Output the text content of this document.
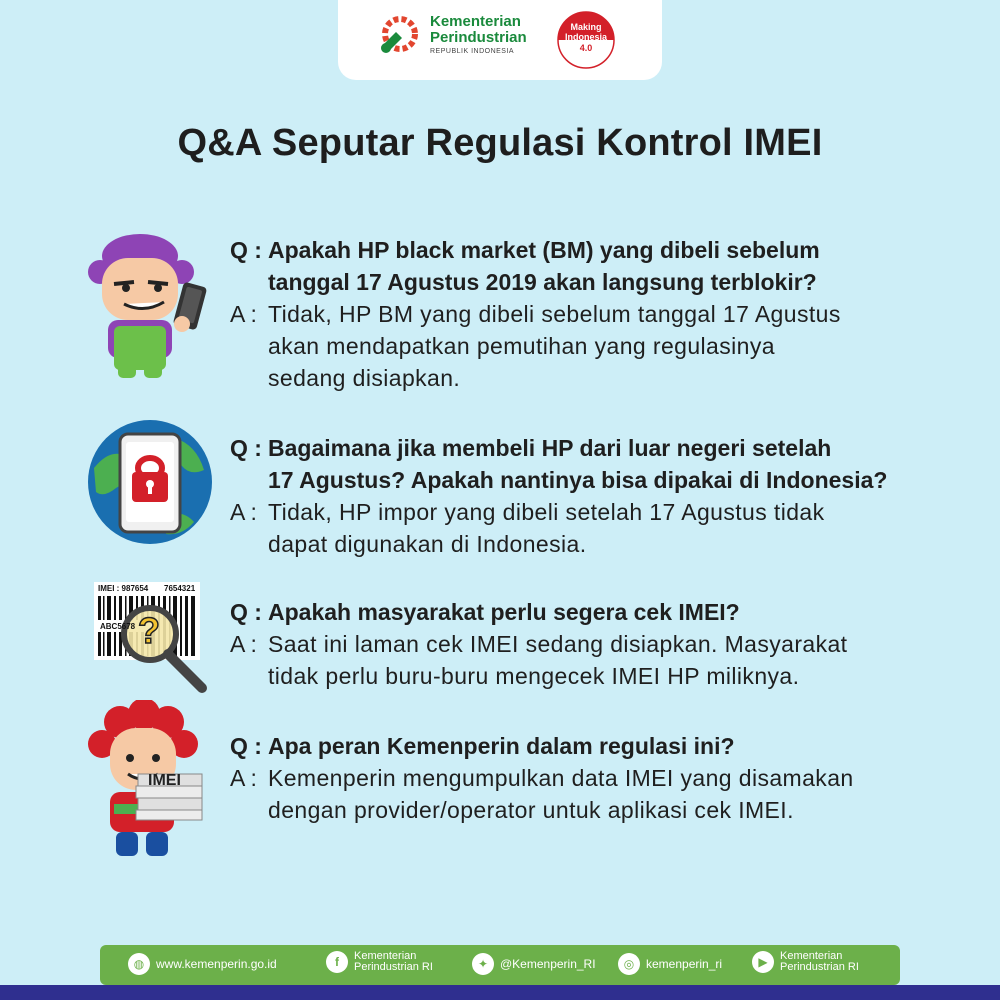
Kementerian
Perindustrian
REPUBLIK INDONESIA
Making
Indonesia
4.0
Q&A Seputar Regulasi Kontrol IMEI
IMEI : 987654 7654321
ABC5678 ?
IMEI
Q : Apakah HP black market (BM) yang dibeli sebelum
tanggal 17 Agustus 2019 akan langsung terblokir?
A : Tidak, HP BM yang dibeli sebelum tanggal 17 Agustus
akan mendapatkan pemutihan yang regulasinya
sedang disiapkan.
Q : Bagaimana jika membeli HP dari luar negeri setelah
17 Agustus? Apakah nantinya bisa dipakai di Indonesia?
A : Tidak, HP impor yang dibeli setelah 17 Agustus tidak
dapat digunakan di Indonesia.
Q : Apakah masyarakat perlu segera cek IMEI?
A : Saat ini laman cek IMEI sedang disiapkan. Masyarakat
tidak perlu buru-buru mengecek IMEI HP miliknya.
Q : Apa peran Kemenperin dalam regulasi ini?
A : Kemenperin mengumpulkan data IMEI yang disamakan
dengan provider/operator untuk aplikasi cek IMEI.
◍ www.kemenperin.go.id	f	Kementerian
Perindustrian RI	✦ @Kemenperin_RI	◎ kemenperin_ri	▶	Kementerian
Perindustrian RI
